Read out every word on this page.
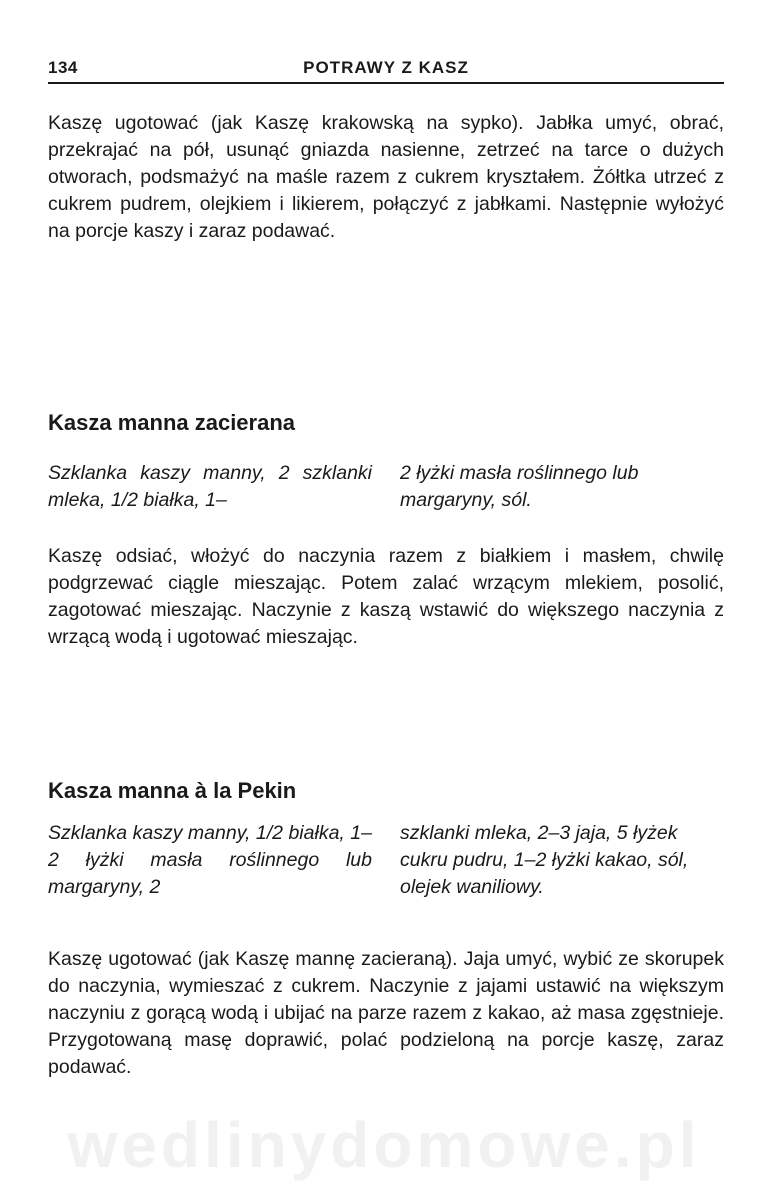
134	POTRAWY Z KASZ

Kaszę ugotować (jak Kaszę krakowską na sypko). Jabłka umyć, obrać, przekrajać na pół, usunąć gniazda nasienne, zetrzeć na tarce o dużych otworach, podsmażyć na maśle razem z cukrem kryształem. Żółtka utrzeć z cukrem pudrem, olejkiem i likierem, połączyć z jabłkami. Następnie wyłożyć na porcje kaszy i zaraz podawać.

Kasza manna zacierana

Szklanka kaszy manny, 2 szklanki mleka, 1/2 białka, 1–

2 łyżki masła roślinnego lub margaryny, sól.

Kaszę odsiać, włożyć do naczynia razem z białkiem i masłem, chwilę podgrzewać ciągle mieszając. Potem zalać wrzącym mlekiem, posolić, zagotować mieszając. Naczynie z kaszą wstawić do większego naczynia z wrzącą wodą i ugotować mieszając.

Kasza manna à la Pekin

Szklanka kaszy manny, 1/2 białka, 1–2 łyżki masła roślinnego lub margaryny, 2

szklanki mleka, 2–3 jaja, 5 łyżek cukru pudru, 1–2 łyżki kakao, sól, olejek waniliowy.

Kaszę ugotować (jak Kaszę mannę zacieraną). Jaja umyć, wybić ze skorupek do naczynia, wymieszać z cukrem. Naczynie z jajami ustawić na większym naczyniu z gorącą wodą i ubijać na parze razem z kakao, aż masa zgęstnieje. Przygotowaną masę doprawić, polać podzieloną na porcje kaszę, zaraz podawać.

wedlinydomowe.pl
